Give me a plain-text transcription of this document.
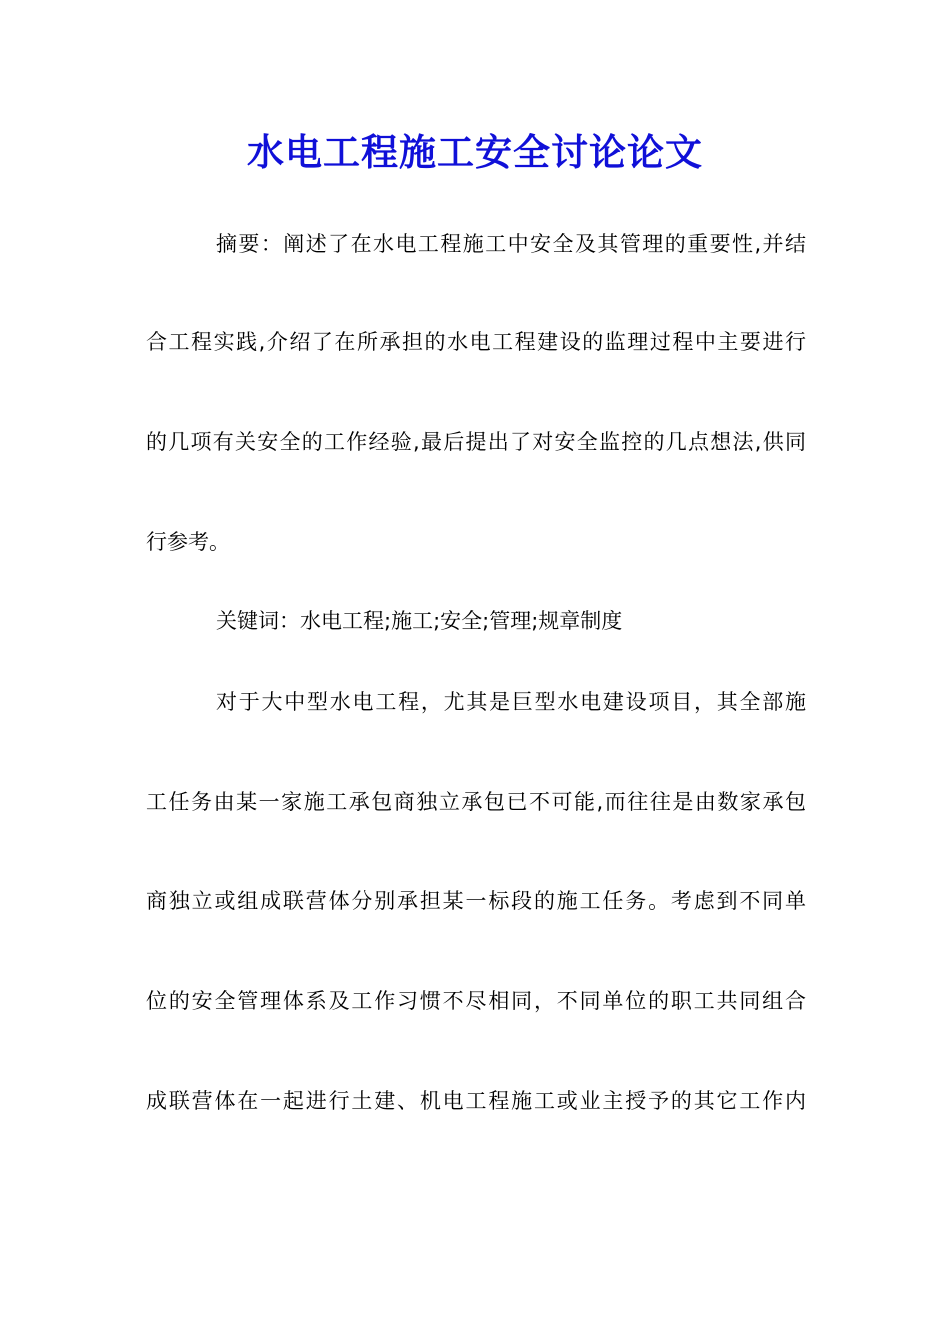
水电工程施工安全讨论论文
摘要：阐述了在水电工程施工中安全及其管理的重要性,并结
合工程实践,介绍了在所承担的水电工程建设的监理过程中主要进行
的几项有关安全的工作经验,最后提出了对安全监控的几点想法,供同
行参考。
关键词：水电工程;施工;安全;管理;规章制度
对于大中型水电工程，尤其是巨型水电建设项目，其全部施
工任务由某一家施工承包商独立承包已不可能,而往往是由数家承包
商独立或组成联营体分别承担某一标段的施工任务。考虑到不同单
位的安全管理体系及工作习惯不尽相同，不同单位的职工共同组合
成联营体在一起进行土建、机电工程施工或业主授予的其它工作内
